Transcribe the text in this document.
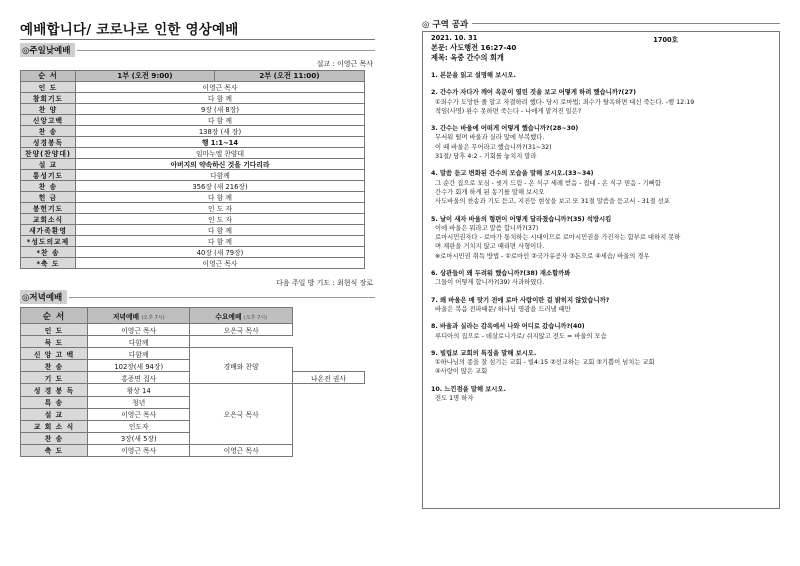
예배합니다/ 코로나로 인한 영상예배
◎주일낮예배
설교 : 이영근 목사
순 서	1부 (오전 9:00)	2부 (오전 11:00)
인 도	이영근 목사	
참회기도	다 함 께	
찬 양	9장 (새 8장)	
신앙고백	다 함 께	
찬 송	138장 (새 장)	
성경봉독	행 1:1~14	
찬양(찬양대)	임마누엘 찬양대	
설 교	아버지의 약속하신 것을 기다리라	
통성기도	다함께	
찬 송	356장 (새 216장)	
헌 금	다 함 께	
봉헌기도	인 도 자	
교회소식	인 도 자	
새가족환영	다 함 께	
*성도의교제	다 함 께	
*찬 송	40장 (새 79장)	
*축 도	이영근 목사	
다음 주일 방 기도 : 최현식 장로
◎저녁예배
순 서	저녁예배 (오후 7시)	수요예배 (오후 7시)	
인 도	이영근 목사	오은국 목사	
묵 도	다함께		
신 앙 고 백	다함께	경배와 찬양	
찬 송	102장(새 94장)		
기 도	홍증면 집사		나온전 권사
성 경 봉 독	왕상 14	오은국 목사	
특 송	청년		
설 교	이영근 목사		
교 회 소 식	인도자		
찬 송	3장(새 5장)		
축 도	이영근 목사	이영근 목사	
◎ 구역 공과
2021. 10. 31	1700호
본문: 사도행전 16:27-40
제목: 옥중 간수의 회개

1. 본문을 읽고 설명해 보시오.

2. 간수가 자다가 깨어 옥문이 열린 것을 보고 어떻게 하려 했습니까?(27)

①죄수가 도망한 줄 알고 자결하려 했다- 당시 로마법; 죄수가 탈옥하면 대신 죽는다. -행 12:19

적임(사명) 완수 못하면 죽는다 - 나에게 맡겨진 일은?

3. 간수는 바울에 어떠게 어떻게 했습니까?(28~30)

무서워 떨며 바울과 실라 앞에 부복했다.

이 때 바울은 무어라고 했습니까?(31~32)

31절/ 담후 4:2 - 기회를 놓치지 말라

4. 말씀 듣고 변화된 간수의 모습을 말해 보시오.(33~34)

그 순간 집으로 모심 - 씻겨 드림 - 온 식구 세례 받음 - 접대 - 온 식구 믿음 - 기뻐함

간수가 회개 하게 된 동기를 말해 보시오

사도바울의 찬송과 기도 듣고, 지진등 현상을 보고 또 31절 말씀을 듣고서 - 31절 선포

5. 날이 새자 바울의 형편이 어떻게 달라졌습니까?(35) 석방시킴

이에 바울은 뭐라고 말씀 합니까?(37)

로마시민권자다 - 로마가 통치하는 시대이므로 로마시민권을 가진자는 함부로 대하지 못하

며 재판을 거치지 않고 때리면 사형이다.

※로마시민권 취득 방법 - ①로마인 ②국가유공자 ③돈으로 ④세습/ 바울의 경우

6. 상관들이 왜 두려워 했습니까?(38) 재소할까봐

그들이 어떻게 합니까?(39) 사과하였다.

7. 왜 바울은 매 맞기 전에 로마 사람이란 걸 밝히지 않았습니까?

바울은 복음 전파때문/ 하나님 영광을 드러낼 때만

8. 바울과 실라는 감옥에서 나와 어디로 갔습니까?(40)

루디아의 집으로 - 데살로니가로/ 쉬지않고 전도 = 바울의 모습

9. 빌립보 교회의 특징을 말해 보시오.

①하나님의 종을 잘 섬기는 교회 - 빌4:15 ②선교하는 교회 ③기쁨이 넘치는 교회

④사랑이 많은 교회

10. 느낀점을 말해 보시오.

전도 1명 하자
